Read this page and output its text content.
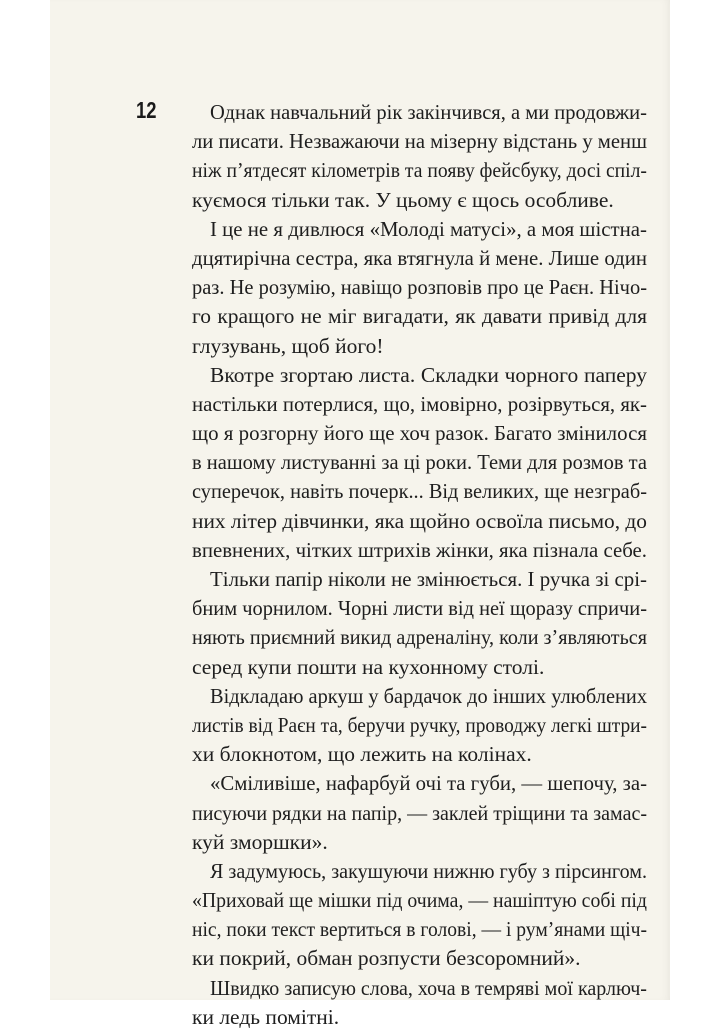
12	Однак навчальний рік закінчився, а ми продовжи-
ли писати. Незважаючи на мізерну відстань у менш
ніж п’ятдесят кілометрів та появу фейсбуку, досі спіл-
куємося тільки так. У цьому є щось особливе.
І це не я дивлюся «Молоді матусі», а моя шістна-
дцятирічна сестра, яка втягнула й мене. Лише один
раз. Не розумію, навіщо розповів про це Раєн. Нічо-
го кращого не міг вигадати, як давати привід для
глузувань, щоб його!
Вкотре згортаю листа. Складки чорного паперу
настільки потерлися, що, імовірно, розірвуться, як-
що я розгорну його ще хоч разок. Багато змінилося
в нашому листуванні за ці роки. Теми для розмов та
суперечок, навіть почерк... Від великих, ще незграб-
них літер дівчинки, яка щойно освоїла письмо, до
впевнених, чітких штрихів жінки, яка пізнала себе.
Тільки папір ніколи не змінюється. І ручка зі срі-
бним чорнилом. Чорні листи від неї щоразу спричи-
няють приємний викид адреналіну, коли з’являються
серед купи пошти на кухонному столі.
Відкладаю аркуш у бардачок до інших улюблених
листів від Раєн та, беручи ручку, проводжу легкі штри-
хи блокнотом, що лежить на колінах.
«Сміливіше, нафарбуй очі та губи, — шепочу, за-
писуючи рядки на папір, — заклей тріщини та замас-
куй зморшки».
Я задумуюсь, закушуючи нижню губу з пірсингом.
«Приховай ще мішки під очима, — нашіптую собі під
ніс, поки текст вертиться в голові, — і рум’янами щіч-
ки покрий, обман розпусти безсоромний».
Швидко записую слова, хоча в темряві мої карлюч-
ки ледь помітні.
